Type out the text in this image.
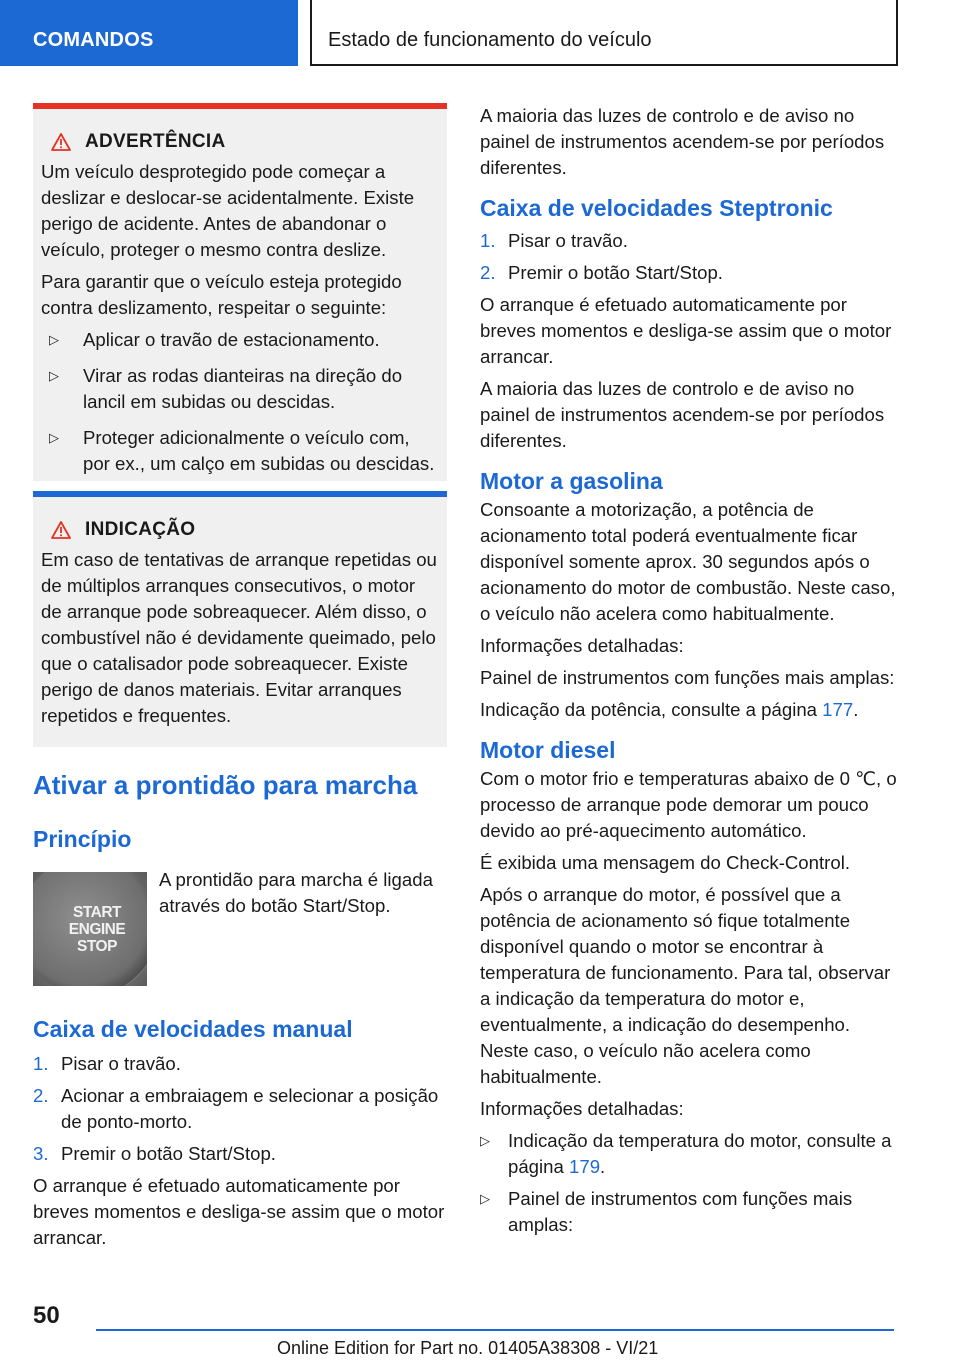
COMANDOS	Estado de funcionamento do veículo
ADVERTÊNCIA

Um veículo desprotegido pode começar a deslizar e deslocar-se acidentalmente. Existe perigo de acidente. Antes de abandonar o veículo, proteger o mesmo contra deslize.

Para garantir que o veículo esteja protegido contra deslizamento, respeitar o seguinte:

▷	Aplicar o travão de estacionamento.
▷	Virar as rodas dianteiras na direção do lancil em subidas ou descidas.
▷	Proteger adicionalmente o veículo com, por ex., um calço em subidas ou descidas.
INDICAÇÃO

Em caso de tentativas de arranque repetidas ou de múltiplos arranques consecutivos, o motor de arranque pode sobreaquecer. Além disso, o combustível não é devidamente queimado, pelo que o catalisador pode sobreaquecer. Existe perigo de danos materiais. Evitar arranques repetidos e frequentes.

Ativar a prontidão para marcha

Princípio

START
ENGINE
STOP

A prontidão para marcha é ligada através do botão Start/Stop.

Caixa de velocidades manual

1. Pisar o travão.
2. Acionar a embraiagem e selecionar a posição de ponto-morto.
3. Premir o botão Start/Stop.

O arranque é efetuado automaticamente por breves momentos e desliga-se assim que o motor arrancar.

A maioria das luzes de controlo e de aviso no painel de instrumentos acendem-se por períodos diferentes.

Caixa de velocidades Steptronic

1. Pisar o travão.
2. Premir o botão Start/Stop.

O arranque é efetuado automaticamente por breves momentos e desliga-se assim que o motor arrancar.

A maioria das luzes de controlo e de aviso no painel de instrumentos acendem-se por períodos diferentes.

Motor a gasolina

Consoante a motorização, a potência de acionamento total poderá eventualmente ficar disponível somente aprox. 30 segundos após o acionamento do motor de combustão. Neste caso, o veículo não acelera como habitualmente.

Informações detalhadas:

Painel de instrumentos com funções mais amplas:

Indicação da potência, consulte a página 177.

Motor diesel

Com o motor frio e temperaturas abaixo de 0 ℃, o processo de arranque pode demorar um pouco devido ao pré-aquecimento automático.

É exibida uma mensagem do Check-Control.

Após o arranque do motor, é possível que a potência de acionamento só fique totalmente disponível quando o motor se encontrar à temperatura de funcionamento. Para tal, observar a indicação da temperatura do motor e, eventualmente, a indicação do desempenho. Neste caso, o veículo não acelera como habitualmente.

Informações detalhadas:

▷ Indicação da temperatura do motor, consulte a página 179.
▷ Painel de instrumentos com funções mais amplas:
50
Online Edition for Part no. 01405A38308 - VI/21
